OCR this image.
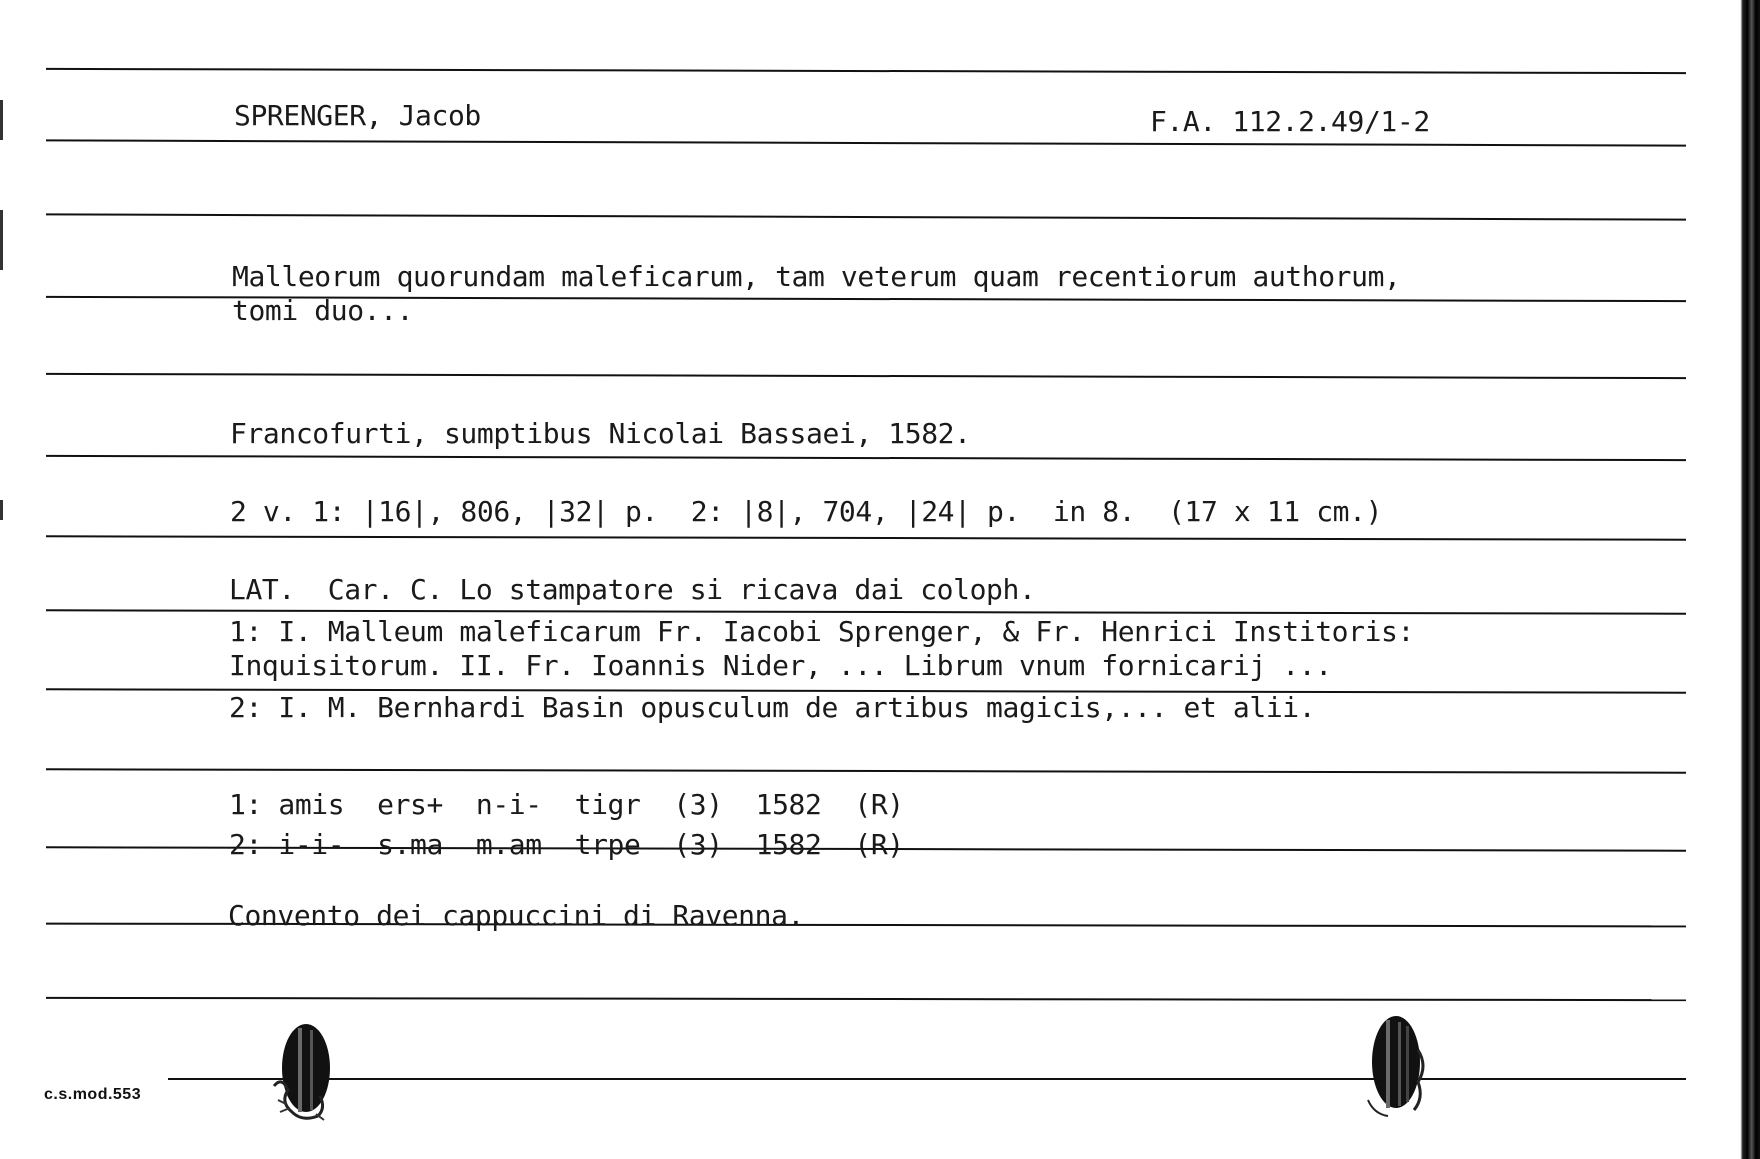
SPRENGER, Jacob	F.A. 112.2.49/1-2
Malleorum quorundam maleficarum, tam veterum quam recentiorum authorum,
tomi duo...
Francofurti, sumptibus Nicolai Bassaei, 1582.
2 v. 1: |16|, 806, |32| p.  2: |8|, 704, |24| p.  in 8.  (17 x 11 cm.)
LAT.  Car. C. Lo stampatore si ricava dai coloph.
1: I. Malleum maleficarum Fr. Iacobi Sprenger, & Fr. Henrici Institoris:
Inquisitorum. II. Fr. Ioannis Nider, ... Librum vnum fornicarij ...
2: I. M. Bernhardi Basin opusculum de artibus magicis,... et alii.
1: amis  ers+  n-i-  tigr  (3)  1582  (R)
2: i-i-  s.ma  m.am  trpe  (3)  1582  (R)
Convento dei cappuccini di Ravenna.
c.s.mod.553
